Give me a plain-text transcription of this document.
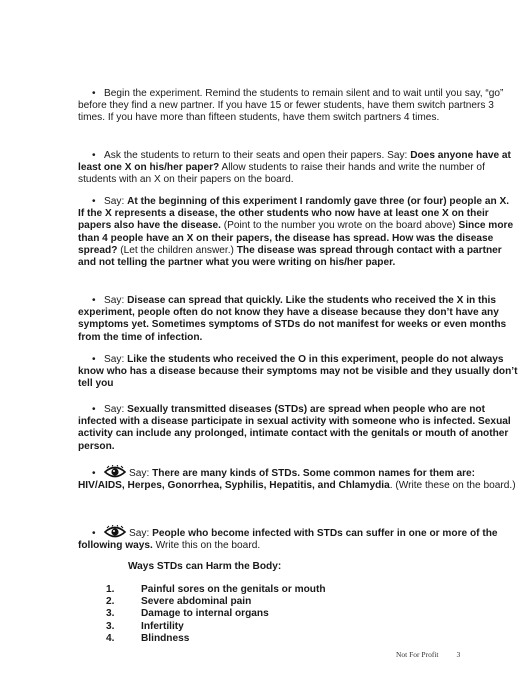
• Begin the experiment. Remind the students to remain silent and to wait until you say, “go” before they find a new partner. If you have 15 or fewer students, have them switch partners 3 times. If you have more than fifteen students, have them switch partners 4 times.

• Ask the students to return to their seats and open their papers. Say: Does anyone have at least one X on his/her paper? Allow students to raise their hands and write the number of students with an X on their papers on the board.

• Say: At the beginning of this experiment I randomly gave three (or four) people an X. If the X represents a disease, the other students who now have at least one X on their papers also have the disease. (Point to the number you wrote on the board above) Since more than 4 people have an X on their papers, the disease has spread. How was the disease spread? (Let the children answer.) The disease was spread through contact with a partner and not telling the partner what you were writing on his/her paper.

• Say: Disease can spread that quickly. Like the students who received the X in this experiment, people often do not know they have a disease because they don’t have any symptoms yet. Sometimes symptoms of STDs do not manifest for weeks or even months from the time of infection.

• Say: Like the students who received the O in this experiment, people do not always know who has a disease because their symptoms may not be visible and they usually don’t tell you

• Say: Sexually transmitted diseases (STDs) are spread when people who are not infected with a disease participate in sexual activity with someone who is infected. Sexual activity can include any prolonged, intimate contact with the genitals or mouth of another person.

•	Say: There are many kinds of STDs. Some common names for them are: HIV/AIDS, Herpes, Gonorrhea, Syphilis, Hepatitis, and Chlamydia. (Write these on the board.)

•	Say: People who become infected with STDs can suffer in one or more of the following ways. Write this on the board.

Ways STDs can Harm the Body:

1.	Painful sores on the genitals or mouth
2.	Severe abdominal pain
3.	Damage to internal organs
3.	Infertility
4.	Blindness
Not For Profit 3
